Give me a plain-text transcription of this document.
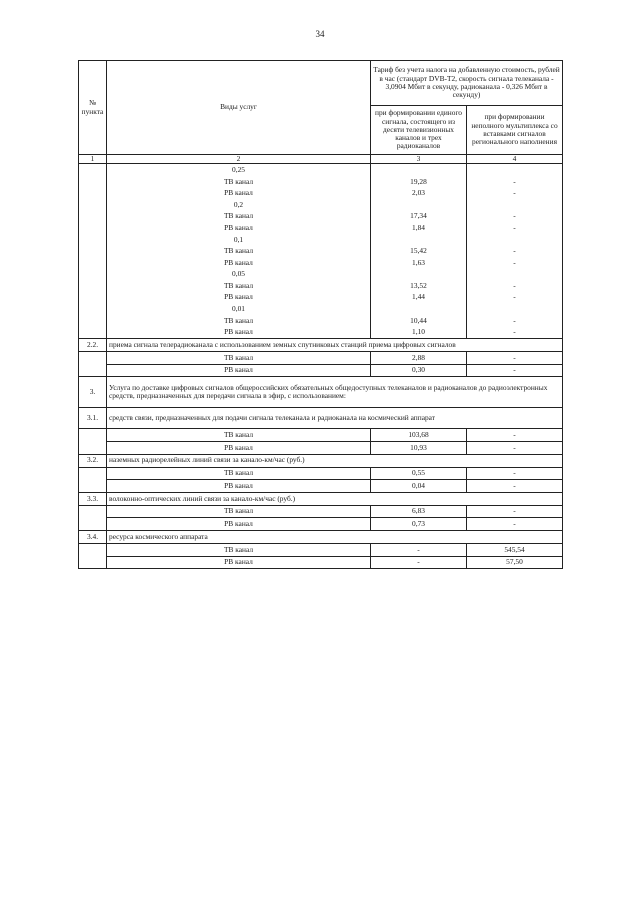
34
№
пункта	Виды услуг	Тариф без учета налога на добавленную стоимость, рублей в час (стандарт DVB-T2, скорость сигнала телеканала - 3,0904 Мбит в секунду, радиоканала - 0,326 Мбит в секунду)	
		при формировании единого сигнала, состоящего из десяти телевизионных каналов и трех радиоканалов	при формировании неполного мультиплекса со вставками сигналов регионального наполнения
1	2	3	4
	0,25		
	ТВ канал	19,28	-
	РВ канал	2,03	-
	0,2		
	ТВ канал	17,34	-
	РВ канал	1,84	-
	0,1		
	ТВ канал	15,42	-
	РВ канал	1,63	-
	0,05		
	ТВ канал	13,52	-
	РВ канал	1,44	-
	0,01		
	ТВ канал	10,44	-
	РВ канал	1,10	-
2.2.	приема сигнала телерадиоканала с использованием земных спутниковых станций приема цифровых сигналов		
	ТВ канал	2,88	-
	РВ канал	0,30	-
3.	Услуга по доставке цифровых сигналов общероссийских обязательных общедоступных телеканалов и радиоканалов до радиоэлектронных средств, предназначенных для передачи сигнала в эфир, с использованием:		
3.1.	средств связи, предназначенных для подачи сигнала телеканала и радиоканала на космический аппарат		
	ТВ канал	103,68	-
	РВ канал	10,93	-
3.2.	наземных радиорелейных линий связи за канало-км/час (руб.)		
	ТВ канал	0,55	-
	РВ канал	0,04	-
3.3.	волоконно-оптических линий связи за канало-км/час (руб.)		
	ТВ канал	6,83	-
	РВ канал	0,73	-
3.4.	ресурса космического аппарата		
	ТВ канал	-	545,54
	РВ канал	-	57,50
